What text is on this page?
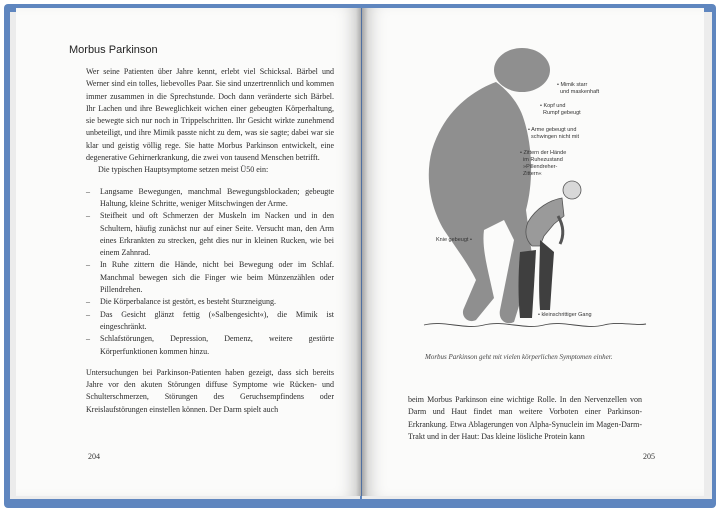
Morbus Parkinson

Wer seine Patienten über Jahre kennt, erlebt viel Schicksal. Bärbel und Werner sind ein tolles, liebevolles Paar. Sie sind unzertrennlich und kommen immer zusammen in die Sprechstunde. Doch dann veränderte sich Bärbel. Ihr Lachen und ihre Beweglichkeit wichen einer gebeugten Körperhaltung, sie bewegte sich nur noch in Trippelschritten. Ihr Gesicht wirkte zunehmend unbeteiligt, und ihre Mimik passte nicht zu dem, was sie sagte; dabei war sie klar und geistig völlig rege. Sie hatte Morbus Parkinson entwickelt, eine degenerative Gehirnerkrankung, die zwei von tausend Menschen betrifft.

Die typischen Hauptsymptome setzen meist Ü50 ein:

– Langsame Bewegungen, manchmal Bewegungsblockaden; gebeugte Haltung, kleine Schritte, weniger Mitschwingen der Arme.
– Steifheit und oft Schmerzen der Muskeln im Nacken und in den Schultern, häufig zunächst nur auf einer Seite. Versucht man, den Arm eines Erkrankten zu strecken, geht dies nur in kleinen Rucken, wie bei einem Zahnrad.
– In Ruhe zittern die Hände, nicht bei Bewegung oder im Schlaf. Manchmal bewegen sich die Finger wie beim Münzenzählen oder Pillendrehen.
– Die Körperbalance ist gestört, es besteht Sturzneigung.
– Das Gesicht glänzt fettig (»Salbengesicht«), die Mimik ist eingeschränkt.
– Schlafstörungen, Depression, Demenz, weitere gestörte Körperfunktionen kommen hinzu.

Untersuchungen bei Parkinson-Patienten haben gezeigt, dass sich bereits Jahre vor den akuten Störungen diffuse Symptome wie Rücken- und Schulterschmerzen, Störungen des Geruchsempfindens oder Kreislaufstörungen einstellen können. Der Darm spielt auch

204
• Mimik starr
und maskenhaft
• Kopf und
Rumpf gebeugt
• Arme gebeugt und
schwingen nicht mit
• Zittern der Hände
im Ruhezustand
»Pillendreher-
Zittern«
Knie gebeugt •
• kleinschrittiger Gang
Morbus Parkinson geht mit vielen körperlichen Symptomen einher.

beim Morbus Parkinson eine wichtige Rolle. In den Nervenzellen von Darm und Haut findet man weitere Vorboten einer Parkinson-Erkrankung. Etwa Ablagerungen von Alpha-Synuclein im Magen-Darm-Trakt und in der Haut: Das kleine lösliche Protein kann

205
